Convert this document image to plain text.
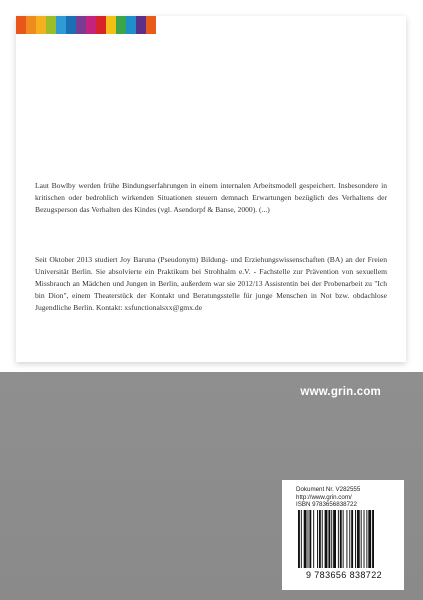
Laut Bowlby werden frühe Bindungserfahrungen in einem internalen Arbeitsmodell gespeichert. Insbesondere in kritischen oder bedrohlich wirkenden Situationen steuern demnach Erwartungen bezüglich des Verhaltens der Bezugsperson das Verhalten des Kindes (vgl. Asendorpf & Banse, 2000). (...)
Seit Oktober 2013 studiert Joy Baruna (Pseudonym) Bildung- und Erziehungswissenschaften (BA) an der Freien Universität Berlin. Sie absolvierte ein Praktikum bei Strohhalm e.V. - Fachstelle zur Prävention von sexuellem Missbrauch an Mädchen und Jungen in Berlin, außerdem war sie 2012/13 Assistentin bei der Probenarbeit zu "Ich bin Dion", einem Theaterstück der Kontakt und Beratungsstelle für junge Menschen in Not bzw. obdachlose Jugendliche Berlin. Kontakt: xsfunctionalsxx@gmx.de
www.grin.com
Dokument Nr. V282555
http://www.grin.com/
ISBN 9783656838722
9 783656 838722
